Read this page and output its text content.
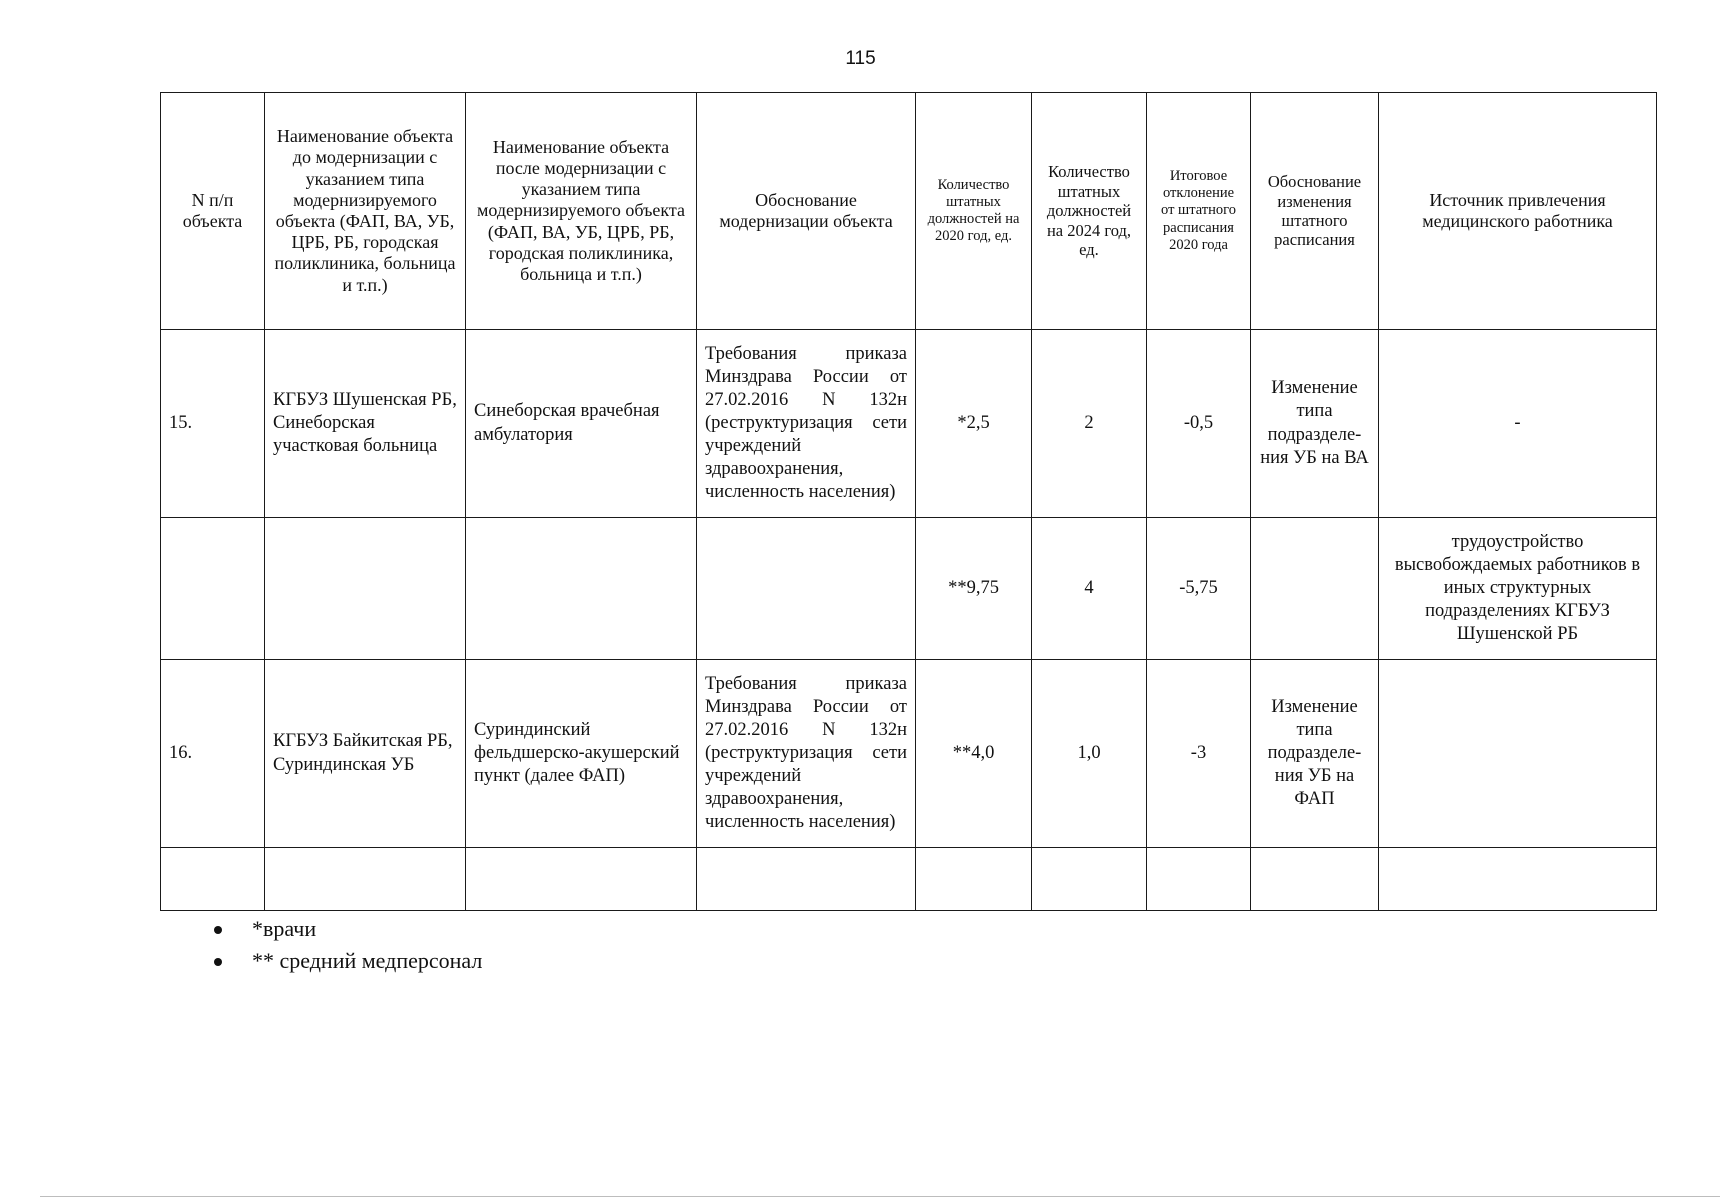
115
N п/п объекта	Наименование объекта до модернизации с указанием типа модернизируемого объекта (ФАП, ВА, УБ, ЦРБ, РБ, городская поликлиника, больница и т.п.)	Наименование объекта после модернизации с указанием типа модернизируемого объекта (ФАП, ВА, УБ, ЦРБ, РБ, городская поликлиника, больница и т.п.)	Обоснование модернизации объекта	Количество штатных должностей на 2020 год, ед.	Количество штатных должностей на 2024 год, ед.	Итоговое отклонение от штатного расписания 2020 года	Обоснование изменения штатного расписания	Источник привлечения медицинского работника
15.	КГБУЗ Шушенская РБ, Синеборская участковая больница	Синеборская врачебная амбулатория	Требования приказа Минздрава России от 27.02.2016 N 132н (реструктуризация сети учреждений здравоохранения, численность населения)	*2,5	2	-0,5	Изменение типа подразделе-ния УБ на ВА	-
				**9,75	4	-5,75		трудоустройство высвобождаемых работников в иных структурных подразделениях КГБУЗ Шушенской РБ
16.	КГБУЗ Байкитская РБ, Суриндинская УБ	Суриндинский фельдшерско-акушерский пункт (далее ФАП)	Требования приказа Минздрава России от 27.02.2016 N 132н (реструктуризация сети учреждений здравоохранения, численность населения)	**4,0	1,0	-3	Изменение типа подразделе-ния УБ на ФАП	

*врачи
** средний медперсонал
